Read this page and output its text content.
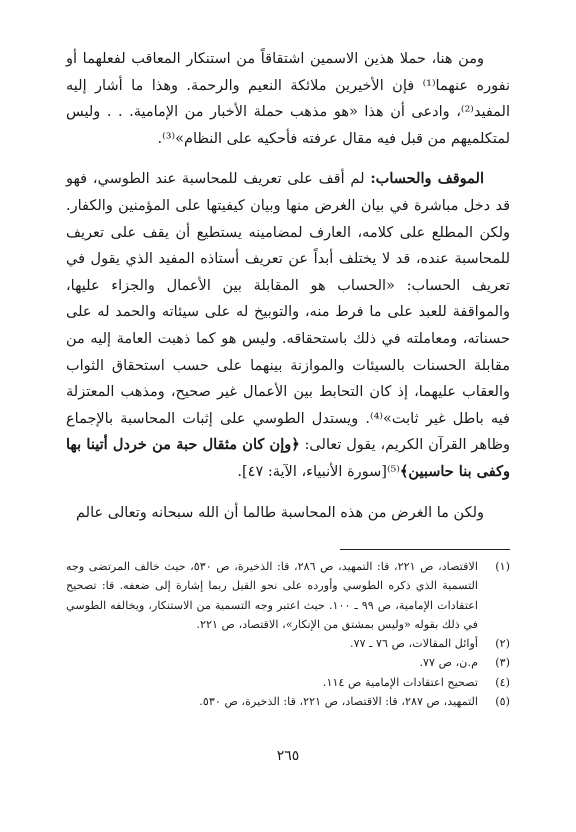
ومن هنا، حملا هذين الاسمين اشتقاقاً من استنكار المعاقب لفعلهما أو نفوره عنهما⁽¹⁾ فإن الأخيرين ملائكة النعيم والرحمة. وهذا ما أشار إليه المفيد⁽²⁾، وادعى أن هذا «هو مذهب حملة الأخبار من الإمامية. . . وليس لمتكلميهم من قبل فيه مقال عرفته فأحكيه على النظام»⁽³⁾.

الموقف والحساب: لم أقف على تعريف للمحاسبة عند الطوسي، فهو قد دخل مباشرة في بيان الغرض منها وبيان كيفيتها على المؤمنين والكفار. ولكن المطلع على كلامه، العارف لمضامينه يستطيع أن يقف على تعريف للمحاسبة عنده، قد لا يختلف أبداً عن تعريف أستاذه المفيد الذي يقول في تعريف الحساب: «الحساب هو المقابلة بين الأعمال والجزاء عليها، والمواقفة للعبد على ما فرط منه، والتوبيخ له على سيئاته والحمد له على حسناته، ومعاملته في ذلك باستحقاقه. وليس هو كما ذهبت العامة إليه من مقابلة الحسنات بالسيئات والموازنة بينهما على حسب استحقاق الثواب والعقاب عليهما، إذ كان التحابط بين الأعمال غير صحيح، ومذهب المعتزلة فيه باطل غير ثابت»⁽⁴⁾. ويستدل الطوسي على إثبات المحاسبة بالإجماع وظاهر القرآن الكريم، يقول تعالى: ﴿وإن كان مثقال حبة من خردل أتينا بها وكفى بنا حاسبين﴾⁽⁵⁾[سورة الأنبياء، الآية: ٤٧].

ولكن ما الغرض من هذه المحاسبة طالما أن الله سبحانه وتعالى عالم

(١)
الاقتصاد، ص ٢٢١، قا: التمهيد، ص ٢٨٦، قا: الذخيرة، ص ٥٣٠، حيث خالف المرتضى وجه التسمية الذي ذكره الطوسي وأورده على نحو القيل ربما إشارة إلى ضعفه. قا: تصحيح اعتقادات الإمامية، ص ٩٩ ـ ١٠٠. حيث اعتبر وجه التسمية من الاستنكار، ويخالفه الطوسي في ذلك بقوله «وليس بمشتق من الإنكار»، الاقتصاد، ص ٢٢١.
(٢)
أوائل المقالات، ص ٧٦ ـ ٧٧.
(٣)
م.ن، ص ٧٧.
(٤)
تصحيح اعتقادات الإمامية ص ١١٤.
(٥)
التمهيد، ص ٢٨٧، قا: الاقتصاد، ص ٢٢١، قا: الذخيرة، ص ٥٣٠.
٢٦٥
